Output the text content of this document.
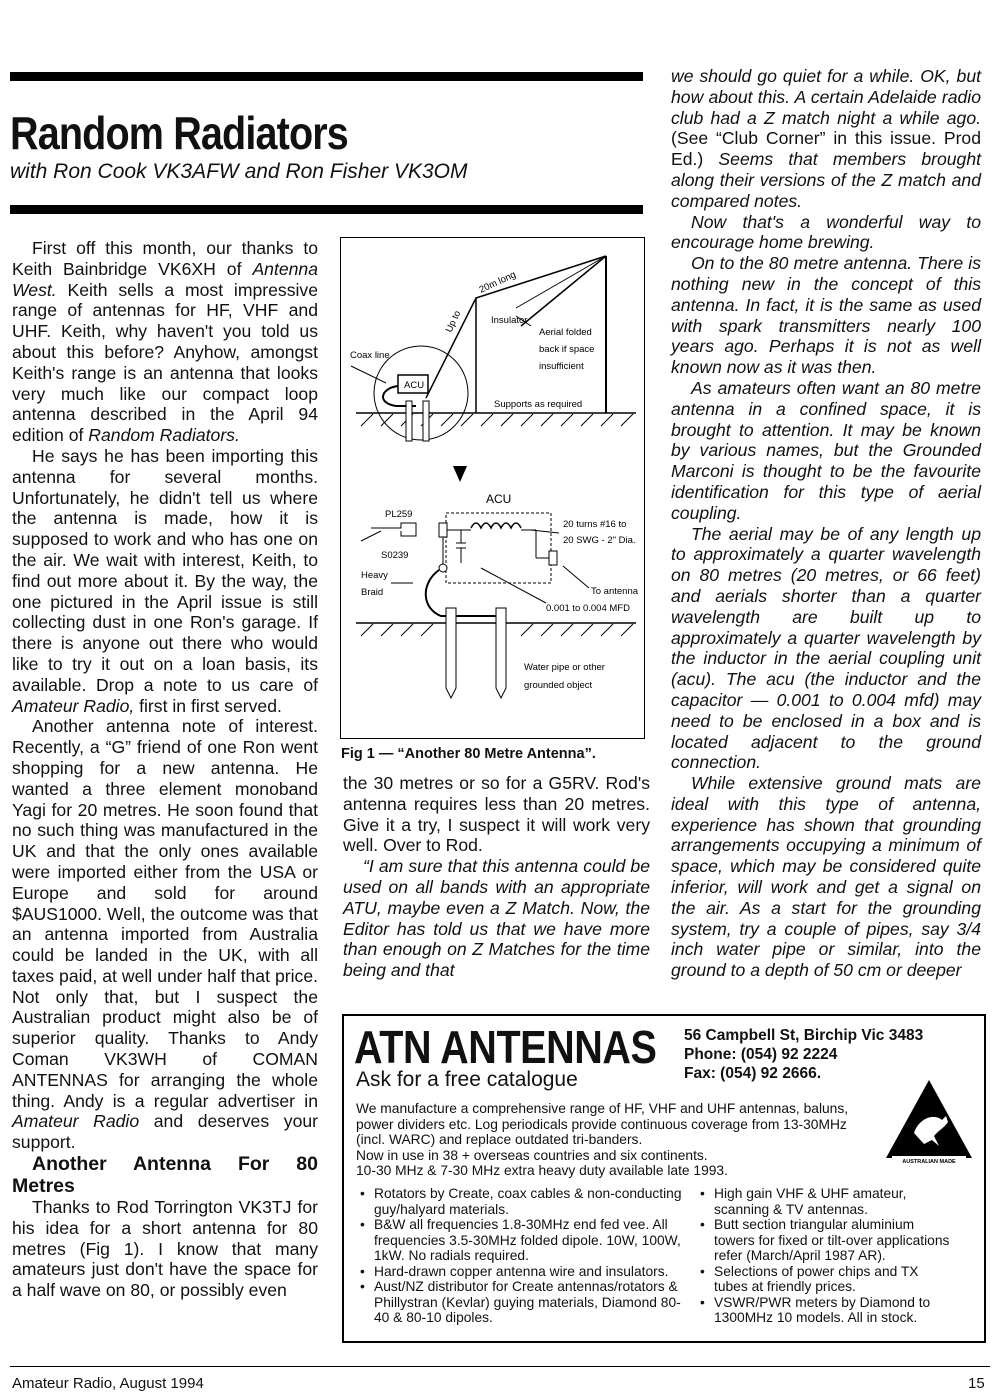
Random Radiators

with Ron Cook VK3AFW and Ron Fisher VK3OM

First off this month, our thanks to Keith Bainbridge VK6XH of Antenna West. Keith sells a most impressive range of antennas for HF, VHF and UHF. Keith, why haven't you told us about this before? Anyhow, amongst Keith's range is an antenna that looks very much like our compact loop antenna described in the April 94 edition of Random Radiators.

He says he has been importing this antenna for several months. Unfortunately, he didn't tell us where the antenna is made, how it is supposed to work and who has one on the air. We wait with interest, Keith, to find out more about it. By the way, the one pictured in the April issue is still collecting dust in one Ron's garage. If there is anyone out there who would like to try it out on a loan basis, its available. Drop a note to us care of Amateur Radio, first in first served.

Another antenna note of interest. Recently, a “G” friend of one Ron went shopping for a new antenna. He wanted a three element monoband Yagi for 20 metres. He soon found that no such thing was manufactured in the UK and that the only ones available were imported either from the USA or Europe and sold for around $AUS1000. Well, the outcome was that an antenna imported from Australia could be landed in the UK, with all taxes paid, at well under half that price. Not only that, but I suspect the Australian product might also be of superior quality. Thanks to Andy Coman VK3WH of COMAN ANTENNAS for arranging the whole thing. Andy is a regular advertiser in Amateur Radio and deserves your support.

Another Antenna For 80 Metres

Thanks to Rod Torrington VK3TJ for his idea for a short antenna for 80 metres (Fig 1). I know that many amateurs just don't have the space for a half wave on 80, or possibly even

ACU
Coax line
20m long
Up to	Insulator
Aerial folded
back if space
insufficient
Supports as required
ACU
PL259
S0239
Heavy
Braid
20 turns #16 to
20 SWG - 2" Dia.
To antenna
0.001 to 0.004 MFD
Water pipe or other
grounded object
Fig 1 — “Another 80 Metre Antenna”.

the 30 metres or so for a G5RV. Rod's antenna requires less than 20 metres. Give it a try, I suspect it will work very well. Over to Rod.

“I am sure that this antenna could be used on all bands with an appropriate ATU, maybe even a Z Match. Now, the Editor has told us that we have more than enough on Z Matches for the time being and that

we should go quiet for a while. OK, but how about this. A certain Adelaide radio club had a Z match night a while ago. (See “Club Corner” in this issue. Prod Ed.) Seems that members brought along their versions of the Z match and compared notes.

Now that's a wonderful way to encourage home brewing.

On to the 80 metre antenna. There is nothing new in the concept of this antenna. In fact, it is the same as used with spark transmitters nearly 100 years ago. Perhaps it is not as well known now as it was then.

As amateurs often want an 80 metre antenna in a confined space, it is brought to attention. It may be known by various names, but the Grounded Marconi is thought to be the favourite identification for this type of aerial coupling.

The aerial may be of any length up to approximately a quarter wavelength on 80 metres (20 metres, or 66 feet) and aerials shorter than a quarter wavelength are built up to approximately a quarter wavelength by the inductor in the aerial coupling unit (acu). The acu (the inductor and the capacitor — 0.001 to 0.004 mfd) may need to be enclosed in a box and is located adjacent to the ground connection.

While extensive ground mats are ideal with this type of antenna, experience has shown that grounding arrangements occupying a minimum of space, which may be considered quite inferior, will work and get a signal on the air. As a start for the grounding system, try a couple of pipes, say 3/4 inch water pipe or similar, into the ground to a depth of 50 cm or deeper

ATN ANTENNAS 56 Campbell St, Birchip Vic 3483
Phone: (054) 92 2224
Fax: (054) 92 2666.
Ask for a free catalogue
We manufacture a comprehensive range of HF, VHF and UHF antennas, baluns, power dividers etc. Log periodicals provide continuous coverage from 13-30MHz (incl. WARC) and replace outdated tri-banders.
Now in use in 38 + overseas countries and six continents.
10-30 MHz & 7-30 MHz extra heavy duty available late 1993.
AUSTRALIAN MADE
• Rotators by Create, coax cables & non-conducting guy/halyard materials.
• B&W all frequencies 1.8-30MHz end fed vee. All frequencies 3.5-30MHz folded dipole. 10W, 100W, 1kW. No radials required.
• Hard-drawn copper antenna wire and insulators.
• Aust/NZ distributor for Create antennas/rotators & Phillystran (Kevlar) guying materials, Diamond 80-40 & 80-10 dipoles.
• High gain VHF & UHF amateur, scanning & TV antennas.
• Butt section triangular aluminium towers for fixed or tilt-over applications refer (March/April 1987 AR).
• Selections of power chips and TX tubes at friendly prices.
• VSWR/PWR meters by Diamond to 1300MHz 10 models. All in stock.
Amateur Radio, August 1994	15
